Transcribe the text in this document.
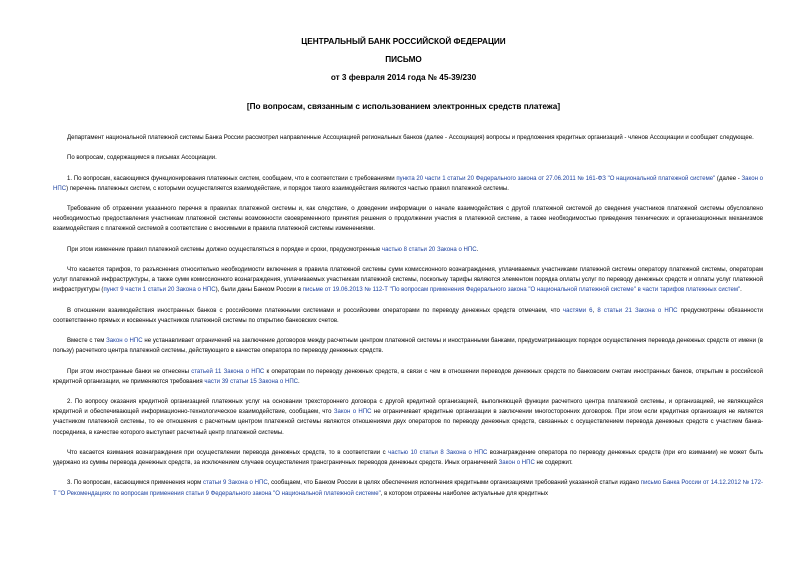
ЦЕНТРАЛЬНЫЙ БАНК РОССИЙСКОЙ ФЕДЕРАЦИИ
ПИСЬМО
от 3 февраля 2014 года № 45-39/230
[По вопросам, связанным с использованием электронных средств платежа]

Департамент национальной платежной системы Банка России рассмотрел направленные Ассоциацией региональных банков (далее - Ассоциация) вопросы и предложения кредитных организаций - членов Ассоциации и сообщает следующее.

По вопросам, содержащимся в письмах Ассоциации.

1. По вопросам, касающимся функционирования платежных систем, сообщаем, что в соответствии с требованиями пункта 20 части 1 статьи 20 Федерального закона от 27.06.2011 № 161-ФЗ "О национальной платежной системе" (далее - Закон о НПС) перечень платежных систем, с которыми осуществляется взаимодействие, и порядок такого взаимодействия являются частью правил платежной системы.

Требование об отражении указанного перечня в правилах платежной системы и, как следствие, о доведении информации о начале взаимодействия с другой платежной системой до сведения участников платежной системы обусловлено необходимостью предоставления участникам платежной системы возможности своевременного принятия решения о продолжении участия в платежной системе, а также необходимостью приведения технических и организационных механизмов взаимодействия с платежной системой в соответствие с вносимыми в правила платежной системы изменениями.

При этом изменение правил платежной системы должно осуществляться в порядке и сроки, предусмотренные частью 8 статьи 20 Закона о НПС.

Что касается тарифов, то разъяснения относительно необходимости включения в правила платежной системы сумм комиссионного вознаграждения, уплачиваемых участниками платежной системы оператору платежной системы, операторам услуг платежной инфраструктуры, а также сумм комиссионного вознаграждения, уплачиваемых участникам платежной системы, поскольку тарифы являются элементом порядка оплаты услуг по переводу денежных средств и оплаты услуг платежной инфраструктуры (пункт 9 части 1 статьи 20 Закона о НПС), были даны Банком России в письме от 19.06.2013 № 112-Т "По вопросам применения Федерального закона "О национальной платежной системе" в части тарифов платежных систем".

В отношении взаимодействия иностранных банков с российскими платежными системами и российскими операторами по переводу денежных средств отмечаем, что частями 6, 8 статьи 21 Закона о НПС предусмотрены обязанности соответственно прямых и косвенных участников платежной системы по открытию банковских счетов.

Вместе с тем Закон о НПС не устанавливает ограничений на заключение договоров между расчетным центром платежной системы и иностранными банками, предусматривающих порядок осуществления перевода денежных средств от имени (в пользу) расчетного центра платежной системы, действующего в качестве оператора по переводу денежных средств.

При этом иностранные банки не отнесены статьей 11 Закона о НПС к операторам по переводу денежных средств, в связи с чем в отношении переводов денежных средств по банковским счетам иностранных банков, открытым в российской кредитной организации, не применяются требования части 39 статьи 15 Закона о НПС.

2. По вопросу оказания кредитной организацией платежных услуг на основании трехстороннего договора с другой кредитной организацией, выполняющей функции расчетного центра платежной системы, и организацией, не являющейся кредитной и обеспечивающей информационно-технологическое взаимодействие, сообщаем, что Закон о НПС не ограничивает кредитные организации в заключении многосторонних договоров. При этом если кредитная организация не является участником платежной системы, то ее отношения с расчетным центром платежной системы являются отношениями двух операторов по переводу денежных средств, связанных с осуществлением перевода денежных средств с участием банка-посредника, в качестве которого выступает расчетный центр платежной системы.

Что касается взимания вознаграждения при осуществлении перевода денежных средств, то в соответствии с частью 10 статьи 8 Закона о НПС вознаграждение оператора по переводу денежных средств (при его взимании) не может быть удержано из суммы перевода денежных средств, за исключением случаев осуществления трансграничных переводов денежных средств. Иных ограничений Закон о НПС не содержит.

3. По вопросам, касающимся применения норм статьи 9 Закона о НПС, сообщаем, что Банком России в целях обеспечения исполнения кредитными организациями требований указанной статьи издано письмо Банка России от 14.12.2012 № 172-Т "О Рекомендациях по вопросам применения статьи 9 Федерального закона "О национальной платежной системе", в котором отражены наиболее актуальные для кредитных
